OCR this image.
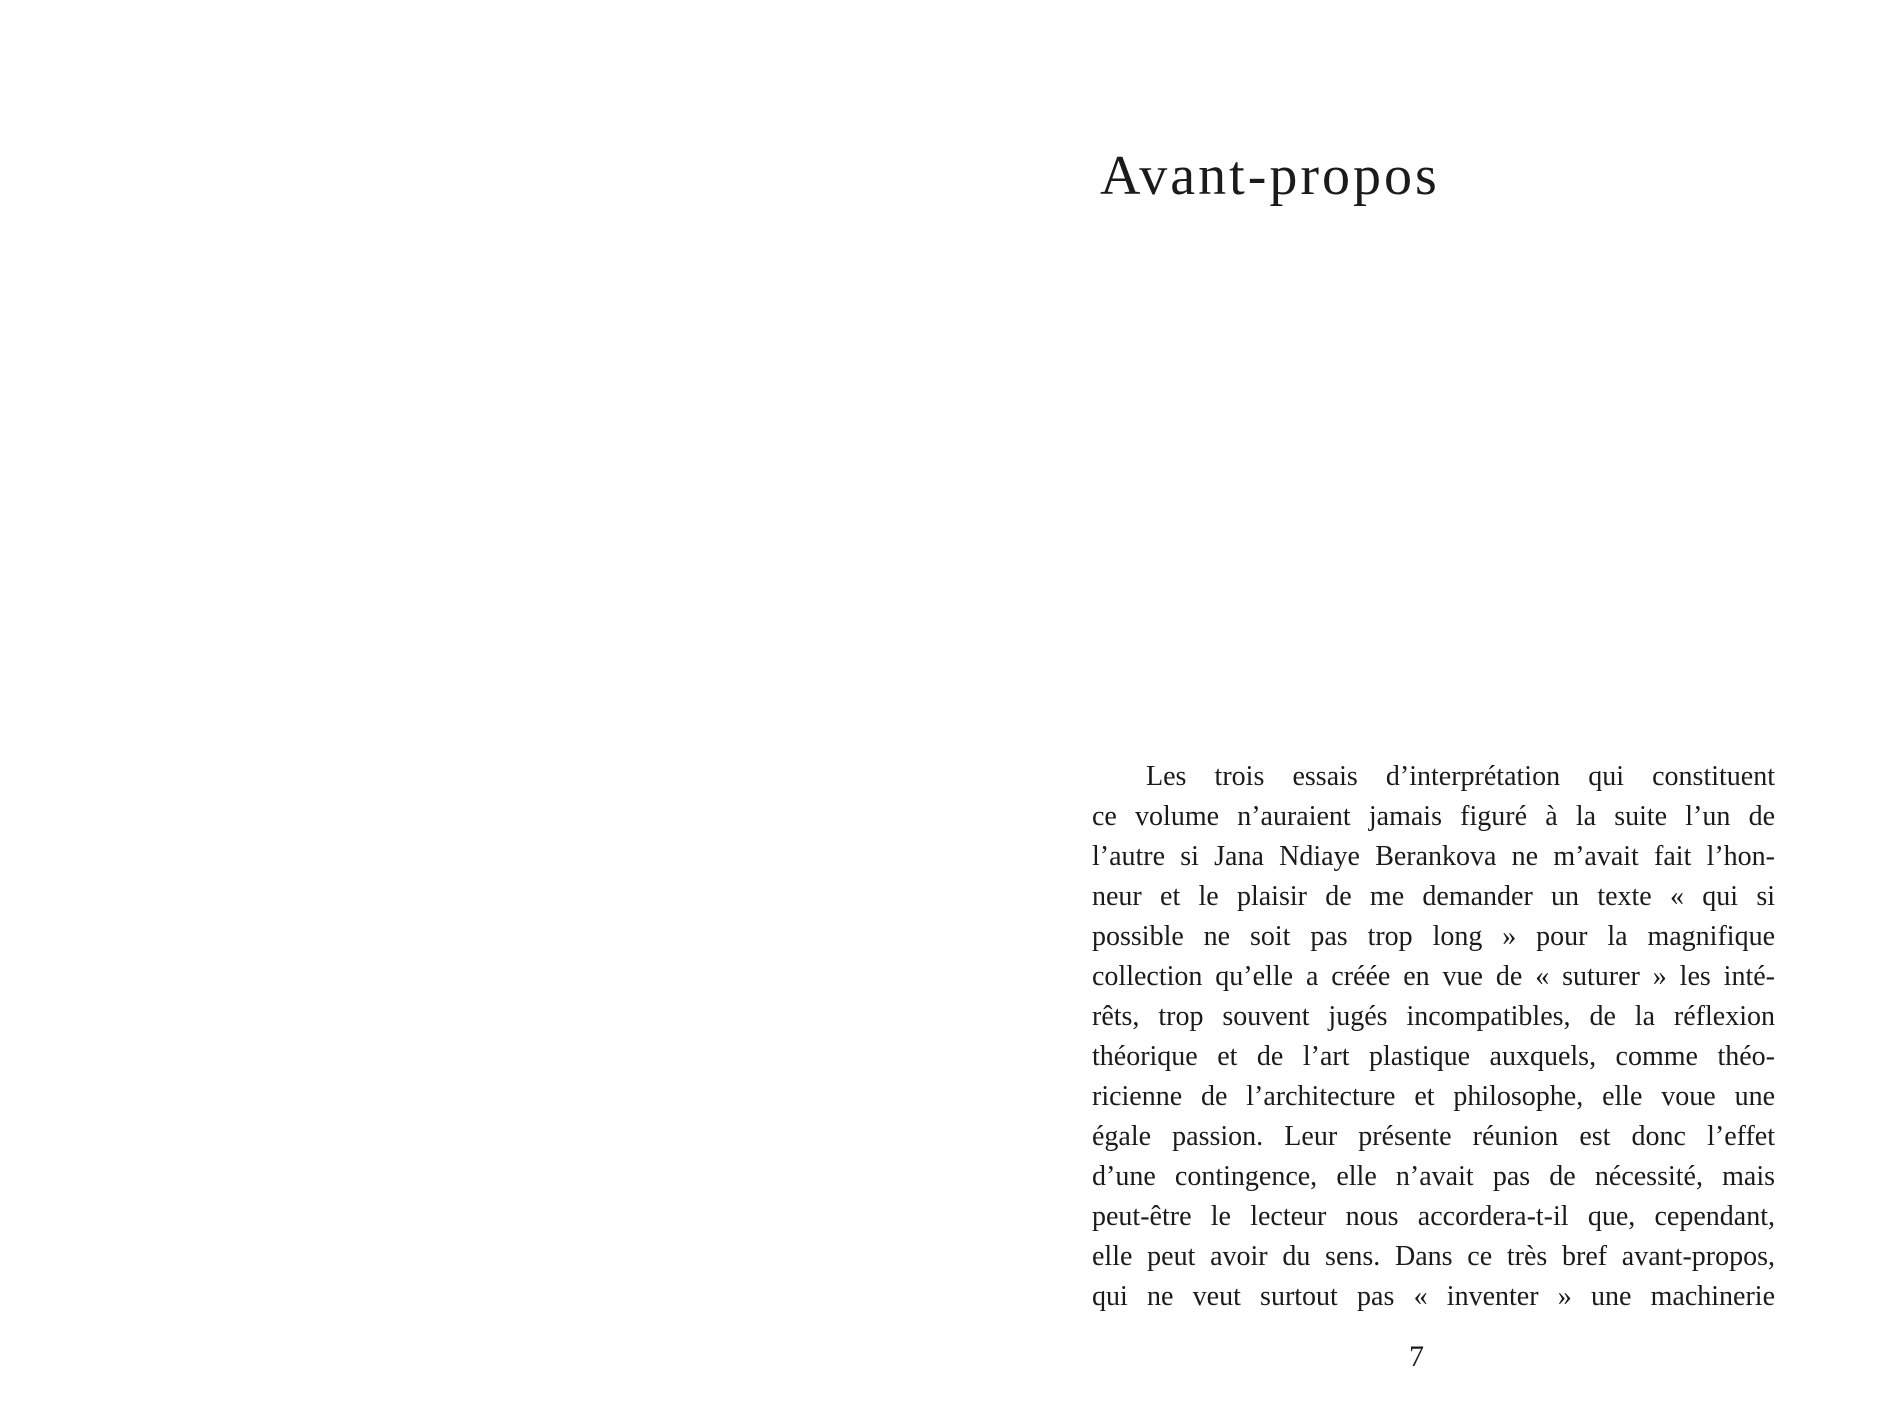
Avant-propos
Les trois essais d’interprétation qui constituent
ce volume n’auraient jamais figuré à la suite l’un de
l’autre si Jana Ndiaye Berankova ne m’avait fait l’hon-
neur et le plaisir de me demander un texte « qui si
possible ne soit pas trop long » pour la magnifique
collection qu’elle a créée en vue de « suturer » les inté-
rêts, trop souvent jugés incompatibles, de la réflexion
théorique et de l’art plastique auxquels, comme théo-
ricienne de l’architecture et philosophe, elle voue une
égale passion. Leur présente réunion est donc l’effet
d’une contingence, elle n’avait pas de nécessité, mais
peut-être le lecteur nous accordera-t-il que, cependant,
elle peut avoir du sens. Dans ce très bref avant-propos,
qui ne veut surtout pas « inventer » une machinerie
7
